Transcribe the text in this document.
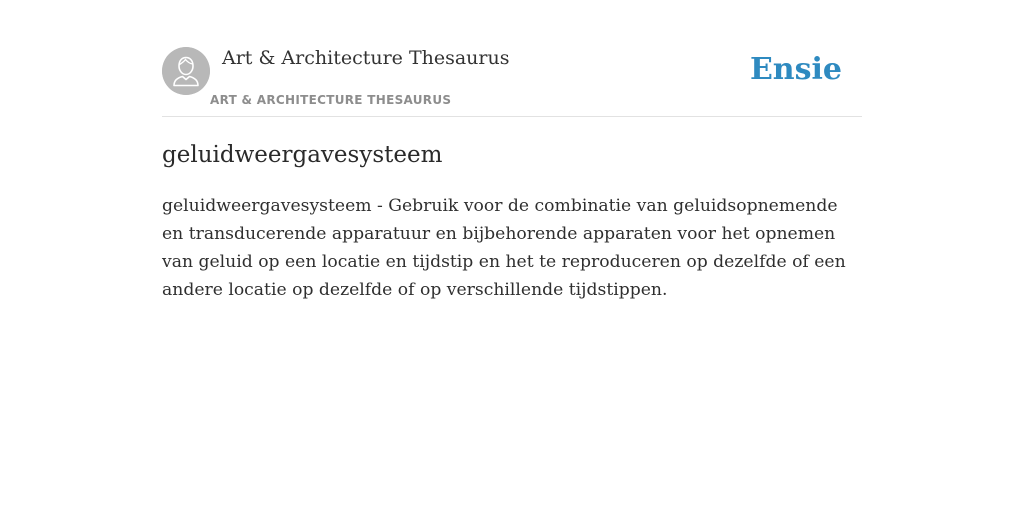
Art & Architecture Thesaurus
ART & ARCHITECTURE THESAURUS
Ensie
geluidweergavesysteem

geluidweergavesysteem - Gebruik voor de combinatie van geluidsopnemende en transducerende apparatuur en bijbehorende apparaten voor het opnemen van geluid op een locatie en tijdstip en het te reproduceren op dezelfde of een andere locatie op dezelfde of op verschillende tijdstippen.
